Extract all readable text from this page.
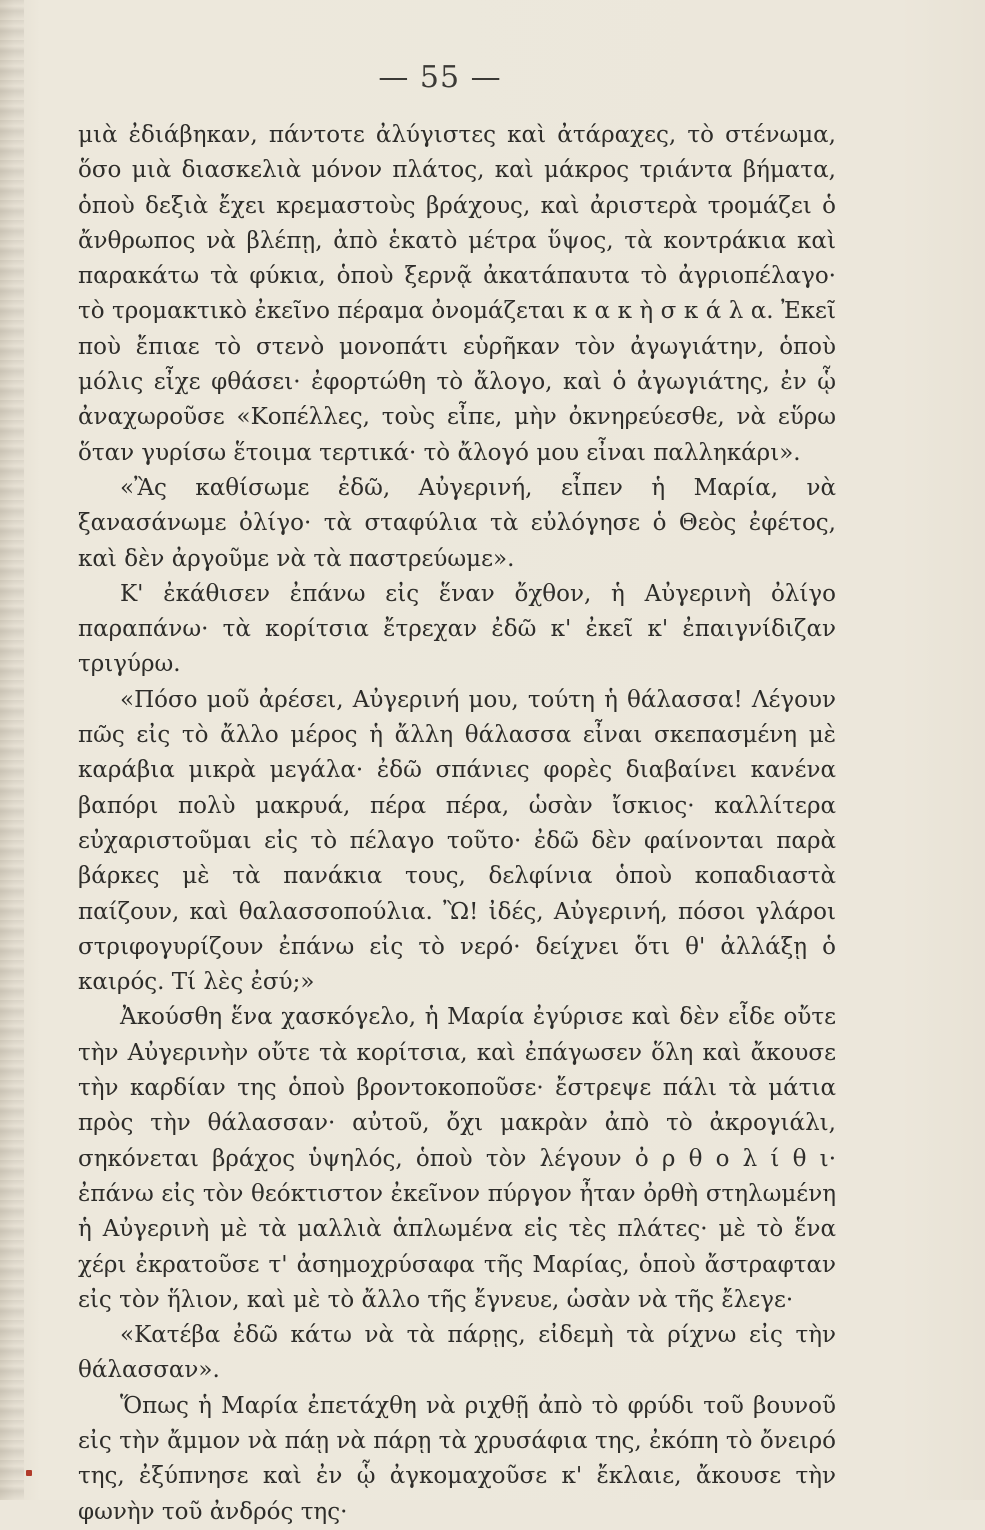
— 55 —

μιὰ ἐδιάβηκαν, πάντοτε ἀλύγιστες καὶ ἀτάραχες, τὸ στένωμα, ὅσο μιὰ διασκελιὰ μόνον πλάτος, καὶ μάκρος τριάντα βήματα, ὁποὺ δεξιὰ ἔχει κρεμαστοὺς βράχους, καὶ ἀριστερὰ τρομάζει ὁ ἄνθρωπος νὰ βλέπῃ, ἀπὸ ἑκατὸ μέτρα ὕψος, τὰ κοντράκια καὶ παρακάτω τὰ φύκια, ὁποὺ ξερνᾷ ἀκατάπαυτα τὸ ἀγριοπέλαγο· τὸ τρομακτικὸ ἐκεῖνο πέραμα ὀνομάζεται κ α κ ὴ σ κ ά λ α. Ἐκεῖ ποὺ ἔπιαε τὸ στενὸ μονοπάτι εὑρῆκαν τὸν ἀγωγιάτην, ὁποὺ μόλις εἶχε φθάσει· ἐφορτώθη τὸ ἄλογο, καὶ ὁ ἀγωγιάτης, ἐν ᾧ ἀναχωροῦσε «Κοπέλλες, τοὺς εἶπε, μὴν ὀκνηρεύεσθε, νὰ εὕρω ὅταν γυρίσω ἕτοιμα τερτικά· τὸ ἄλογό μου εἶναι παλληκάρι».

«Ἂς καθίσωμε ἐδῶ, Αὐγερινή, εἶπεν ἡ Μαρία, νὰ ξανασάνωμε ὀλίγο· τὰ σταφύλια τὰ εὐλόγησε ὁ Θεὸς ἐφέτος, καὶ δὲν ἀργοῦμε νὰ τὰ παστρεύωμε».

Κ' ἐκάθισεν ἐπάνω εἰς ἕναν ὄχθον, ἡ Αὐγερινὴ ὀλίγο παραπάνω· τὰ κορίτσια ἔτρεχαν ἐδῶ κ' ἐκεῖ κ' ἐπαιγνίδιζαν τριγύρω.

«Πόσο μοῦ ἀρέσει, Αὐγερινή μου, τούτη ἡ θάλασσα! Λέγουν πῶς εἰς τὸ ἄλλο μέρος ἡ ἄλλη θάλασσα εἶναι σκεπασμένη μὲ καράβια μικρὰ μεγάλα· ἐδῶ σπάνιες φορὲς διαβαίνει κανένα βαπόρι πολὺ μακρυά, πέρα πέρα, ὡσὰν ἴσκιος· καλλίτερα εὐχαριστοῦμαι εἰς τὸ πέλαγο τοῦτο· ἐδῶ δὲν φαίνονται παρὰ βάρκες μὲ τὰ πανάκια τους, δελφίνια ὁποὺ κοπαδιαστὰ παίζουν, καὶ θαλασσοπούλια. Ὢ! ἰδές, Αὐγερινή, πόσοι γλάροι στριφογυρίζουν ἐπάνω εἰς τὸ νερό· δείχνει ὅτι θ' ἀλλάξῃ ὁ καιρός. Τί λὲς ἐσύ;»

Ἀκούσθη ἕνα χασκόγελο, ἡ Μαρία ἐγύρισε καὶ δὲν εἶδε οὔτε τὴν Αὐγερινὴν οὔτε τὰ κορίτσια, καὶ ἐπάγωσεν ὅλη καὶ ἄκουσε τὴν καρδίαν της ὁποὺ βροντοκοποῦσε· ἔστρεψε πάλι τὰ μάτια πρὸς τὴν θάλασσαν· αὐτοῦ, ὄχι μακρὰν ἀπὸ τὸ ἀκρογιάλι, σηκόνεται βράχος ὑψηλός, ὁποὺ τὸν λέγουν ὀ ρ θ ο λ ί θ ι· ἐπάνω εἰς τὸν θεόκτιστον ἐκεῖνον πύργον ἦταν ὀρθὴ στηλωμένη ἡ Αὐγερινὴ μὲ τὰ μαλλιὰ ἁπλωμένα εἰς τὲς πλάτες· μὲ τὸ ἕνα χέρι ἐκρατοῦσε τ' ἀσημοχρύσαφα τῆς Μαρίας, ὁποὺ ἄστραφταν εἰς τὸν ἥλιον, καὶ μὲ τὸ ἄλλο τῆς ἔγνευε, ὡσὰν νὰ τῆς ἔλεγε·

«Κατέβα ἐδῶ κάτω νὰ τὰ πάρῃς, εἰδεμὴ τὰ ρίχνω εἰς τὴν θάλασσαν».

Ὅπως ἡ Μαρία ἐπετάχθη νὰ ριχθῇ ἀπὸ τὸ φρύδι τοῦ βουνοῦ εἰς τὴν ἄμμον νὰ πάῃ νὰ πάρῃ τὰ χρυσάφια της, ἐκόπη τὸ ὄνειρό της, ἐξύπνησε καὶ ἐν ᾧ ἀγκομαχοῦσε κ' ἔκλαιε, ἄκουσε τὴν φωνὴν τοῦ ἀνδρός της·
